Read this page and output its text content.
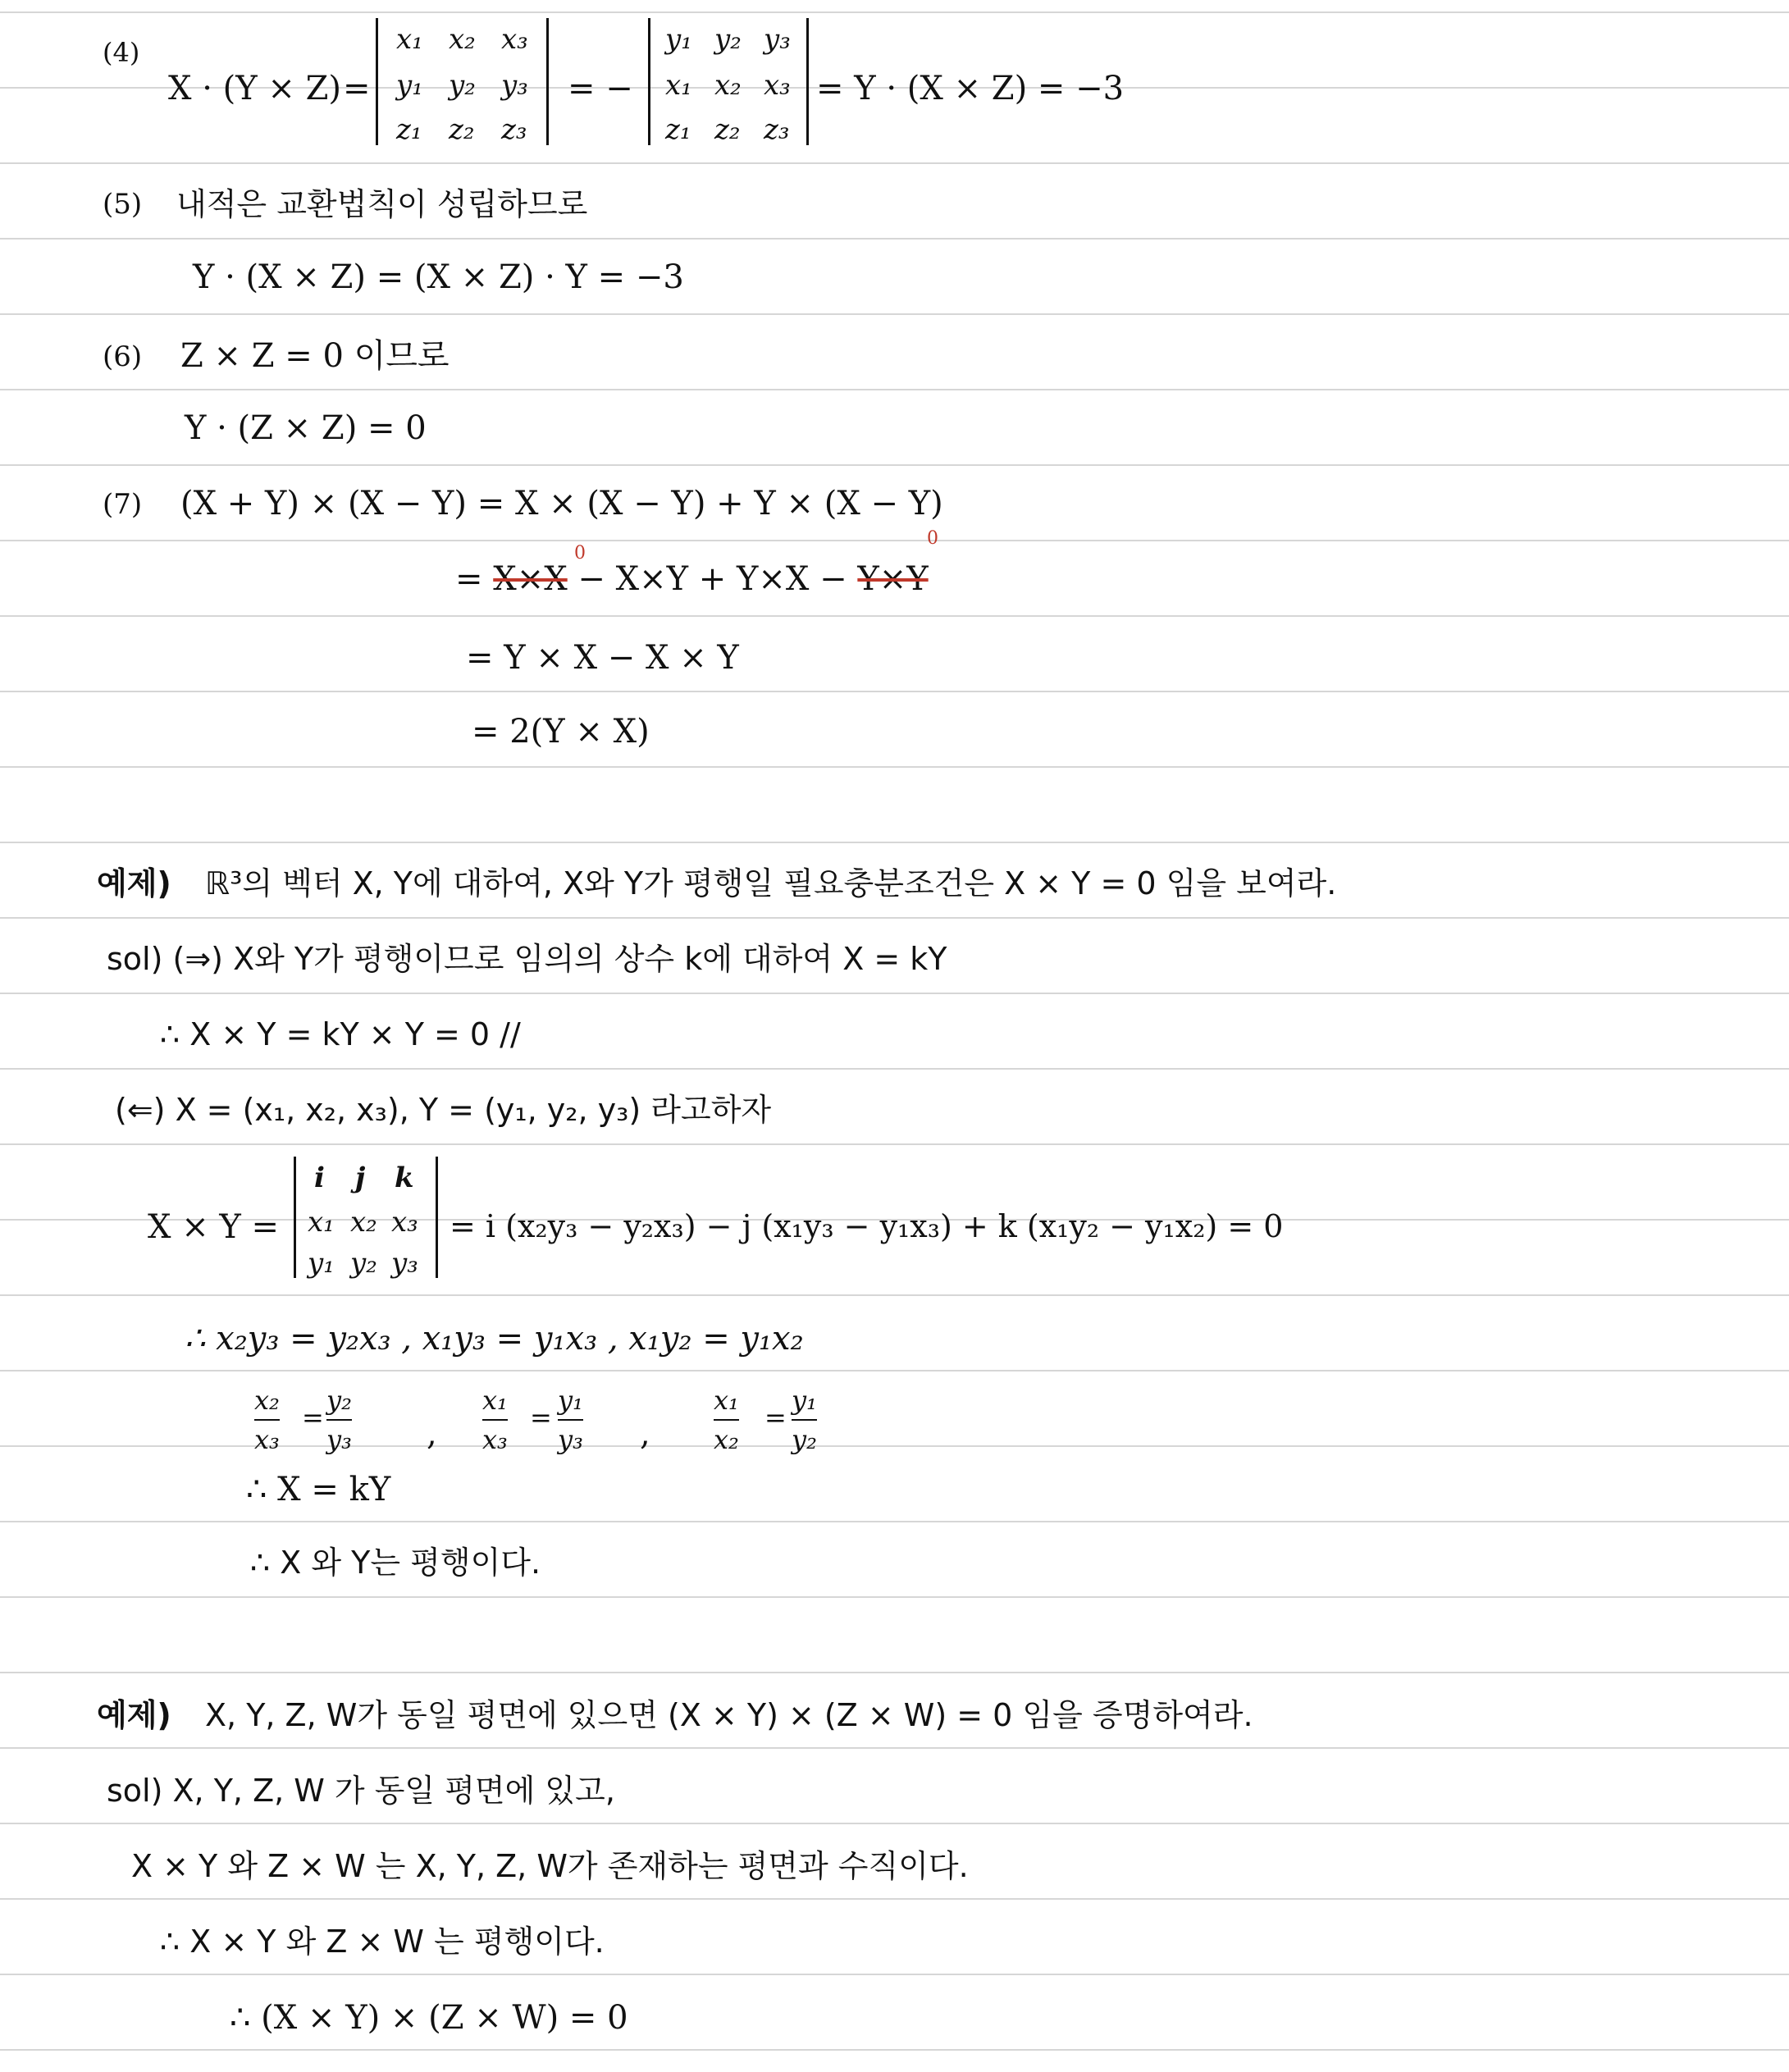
(4)
X · (Y × Z) =
x₁ x₂ x₃
y₁ y₂ y₃
z₁ z₂ z₃
= −
y₁ y₂ y₃
x₁ x₂ x₃
z₁ z₂ z₃
= Y · (X × Z) = −3
(5) 내적은 교환법칙이 성립하므로
Y · (X × Z) = (X × Z) · Y = −3
(6) Z × Z = 0 이므로
Y · (Z × Z) = 0
(7) (X + Y) × (X − Y) = X × (X − Y) + Y × (X − Y)
= X×X − X×Y + Y×X − Y×Y
0
0
= Y × X − X × Y
= 2(Y × X)
예제) ℝ³의 벡터 X, Y에 대하여, X와 Y가 평행일 필요충분조건은 X × Y = 0 임을 보여라.
sol) (⇒) X와 Y가 평행이므로 임의의 상수 k에 대하여 X = kY
∴ X × Y = kY × Y = 0 //
(⇐) X = (x₁, x₂, x₃), Y = (y₁, y₂, y₃) 라고하자
X × Y =
i j k
x₁ x₂ x₃
y₁ y₂ y₃
= i (x₂y₃ − y₂x₃) − j (x₁y₃ − y₁x₃) + k (x₁y₂ − y₁x₂) = 0
∴ x₂y₃ = y₂x₃ , x₁y₃ = y₁x₃ , x₁y₂ = y₁x₂
x₂
x₃
=
y₂
y₃ ,
x₁
x₃
=
y₁
y₃ ,
x₁
x₂
=
y₁
y₂
∴ X = kY
∴ X 와 Y는 평행이다.
예제) X, Y, Z, W가 동일 평면에 있으면 (X × Y) × (Z × W) = 0 임을 증명하여라.
sol) X, Y, Z, W 가 동일 평면에 있고,
X × Y 와 Z × W 는 X, Y, Z, W가 존재하는 평면과 수직이다.
∴ X × Y 와 Z × W 는 평행이다.
∴ (X × Y) × (Z × W) = 0
